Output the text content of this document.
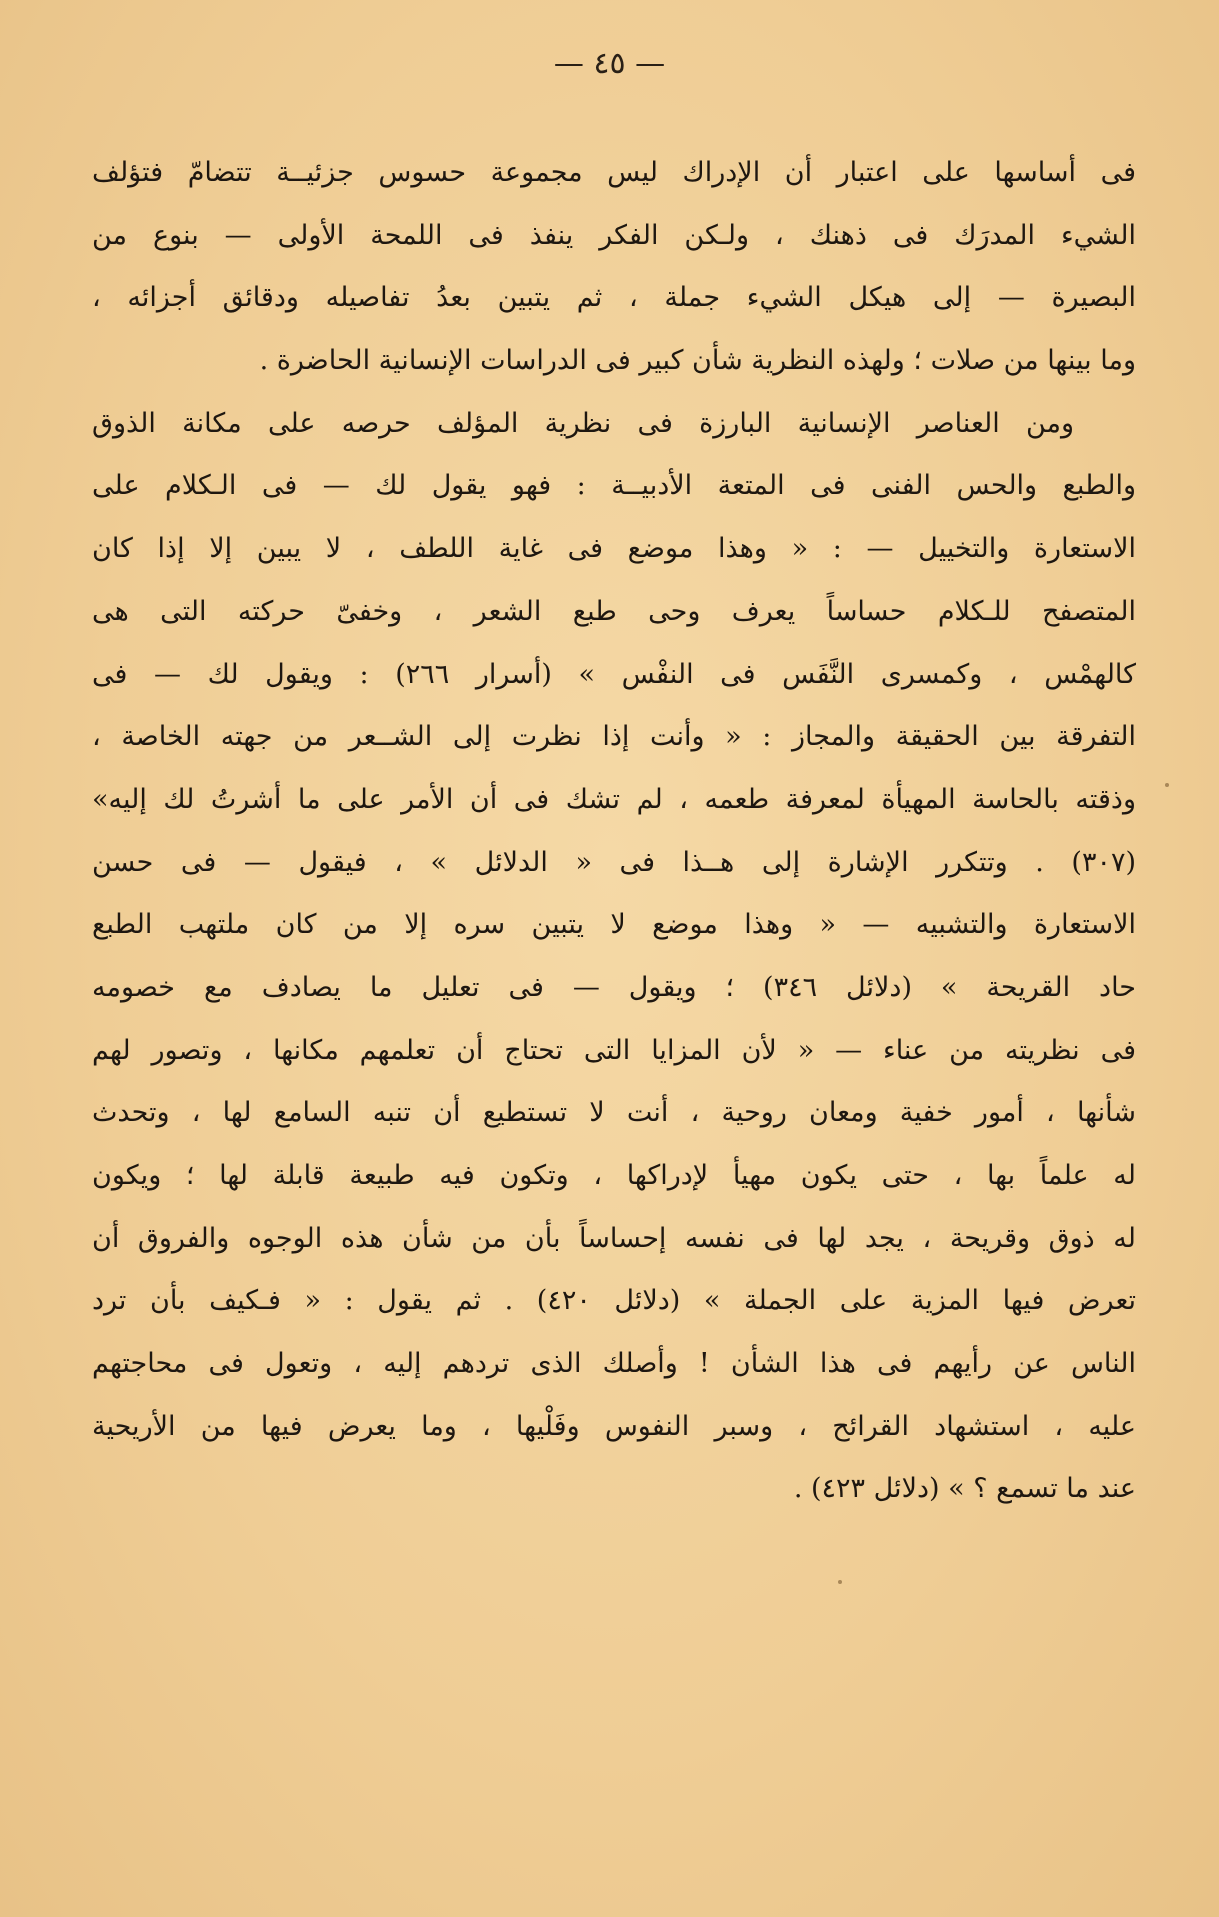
— ٤٥ —
فى أساسها على اعتبار أن الإدراك ليس مجموعة حسوس جزئيــة تتضامّ فتؤلف
الشيء المدرَك فى ذهنك ، ولـكن الفكر ينفذ فى اللمحة الأولى — بنوع من
البصيرة — إلى هيكل الشيء جملة ، ثم يتبين بعدُ تفاصيله ودقائق أجزائه ،
وما بينها من صلات ؛ ولهذه النظرية شأن كبير فى الدراسات الإنسانية الحاضرة .
ومن العناصر الإنسانية البارزة فى نظرية المؤلف حرصه على مكانة الذوق
والطبع والحس الفنى فى المتعة الأدبيــة : فهو يقول لك — فى الـكلام على
الاستعارة والتخييل — : « وهذا موضع فى غاية اللطف ، لا يبين إلا إذا كان
المتصفح للـكلام حساساً يعرف وحى طبع الشعر ، وخفىّ حركته التى هى
كالهمْس ، وكمسرى النَّفَس فى النفْس » (أسرار ٢٦٦) : ويقول لك — فى
التفرقة بين الحقيقة والمجاز : « وأنت إذا نظرت إلى الشــعر من جهته الخاصة ،
وذقته بالحاسة المهيأة لمعرفة طعمه ، لم تشك فى أن الأمر على ما أشرتُ لك إليه»
(٣٠٧) . وتتكرر الإشارة إلى هــذا فى « الدلائل » ، فيقول — فى حسن
الاستعارة والتشبيه — « وهذا موضع لا يتبين سره إلا من كان ملتهب الطبع
حاد القريحة » (دلائل ٣٤٦) ؛ ويقول — فى تعليل ما يصادف مع خصومه
فى نظريته من عناء — « لأن المزايا التى تحتاج أن تعلمهم مكانها ، وتصور لهم
شأنها ، أمور خفية ومعان روحية ، أنت لا تستطيع أن تنبه السامع لها ، وتحدث
له علماً بها ، حتى يكون مهيأ لإدراكها ، وتكون فيه طبيعة قابلة لها ؛ ويكون
له ذوق وقريحة ، يجد لها فى نفسه إحساساً بأن من شأن هذه الوجوه والفروق أن
تعرض فيها المزية على الجملة » (دلائل ٤٢٠) . ثم يقول : « فـكيف بأن ترد
الناس عن رأيهم فى هذا الشأن ! وأصلك الذى تردهم إليه ، وتعول فى محاجتهم
عليه ، استشهاد القرائح ، وسبر النفوس وفَلْيها ، وما يعرض فيها من الأريحية
عند ما تسمع ؟ » (دلائل ٤٢٣) .
